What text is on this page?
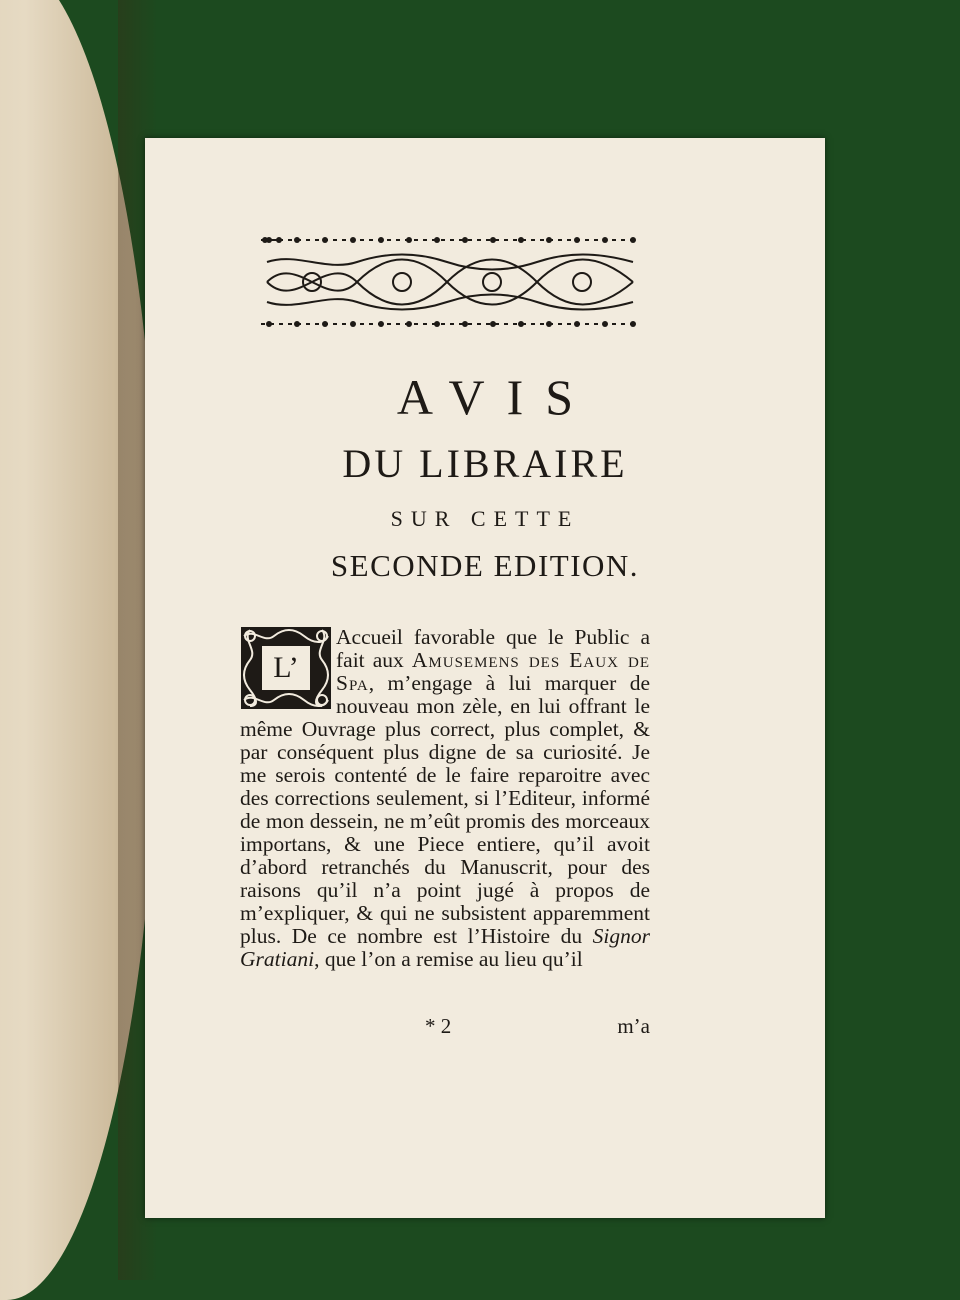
AVIS
DU LIBRAIRE
SUR CETTE
SECONDE EDITION.
L’
Accueil favorable que le Public a fait aux Amusemens des Eaux de Spa, m’engage à lui marquer de nouveau mon zèle, en lui offrant le même Ouvrage plus correct, plus complet, & par conséquent plus digne de sa curiosité. Je me serois contenté de le faire reparoitre avec des corrections seulement, si l’Editeur, informé de mon dessein, ne m’eût promis des morceaux importans, & une Piece entiere, qu’il avoit d’abord retranchés du Manuscrit, pour des raisons qu’il n’a point jugé à propos de m’expliquer, & qui ne subsistent apparemment plus. De ce nombre est l’Histoire du Signor Gratiani, que l’on a remise au lieu qu’il
* 2	m’a
